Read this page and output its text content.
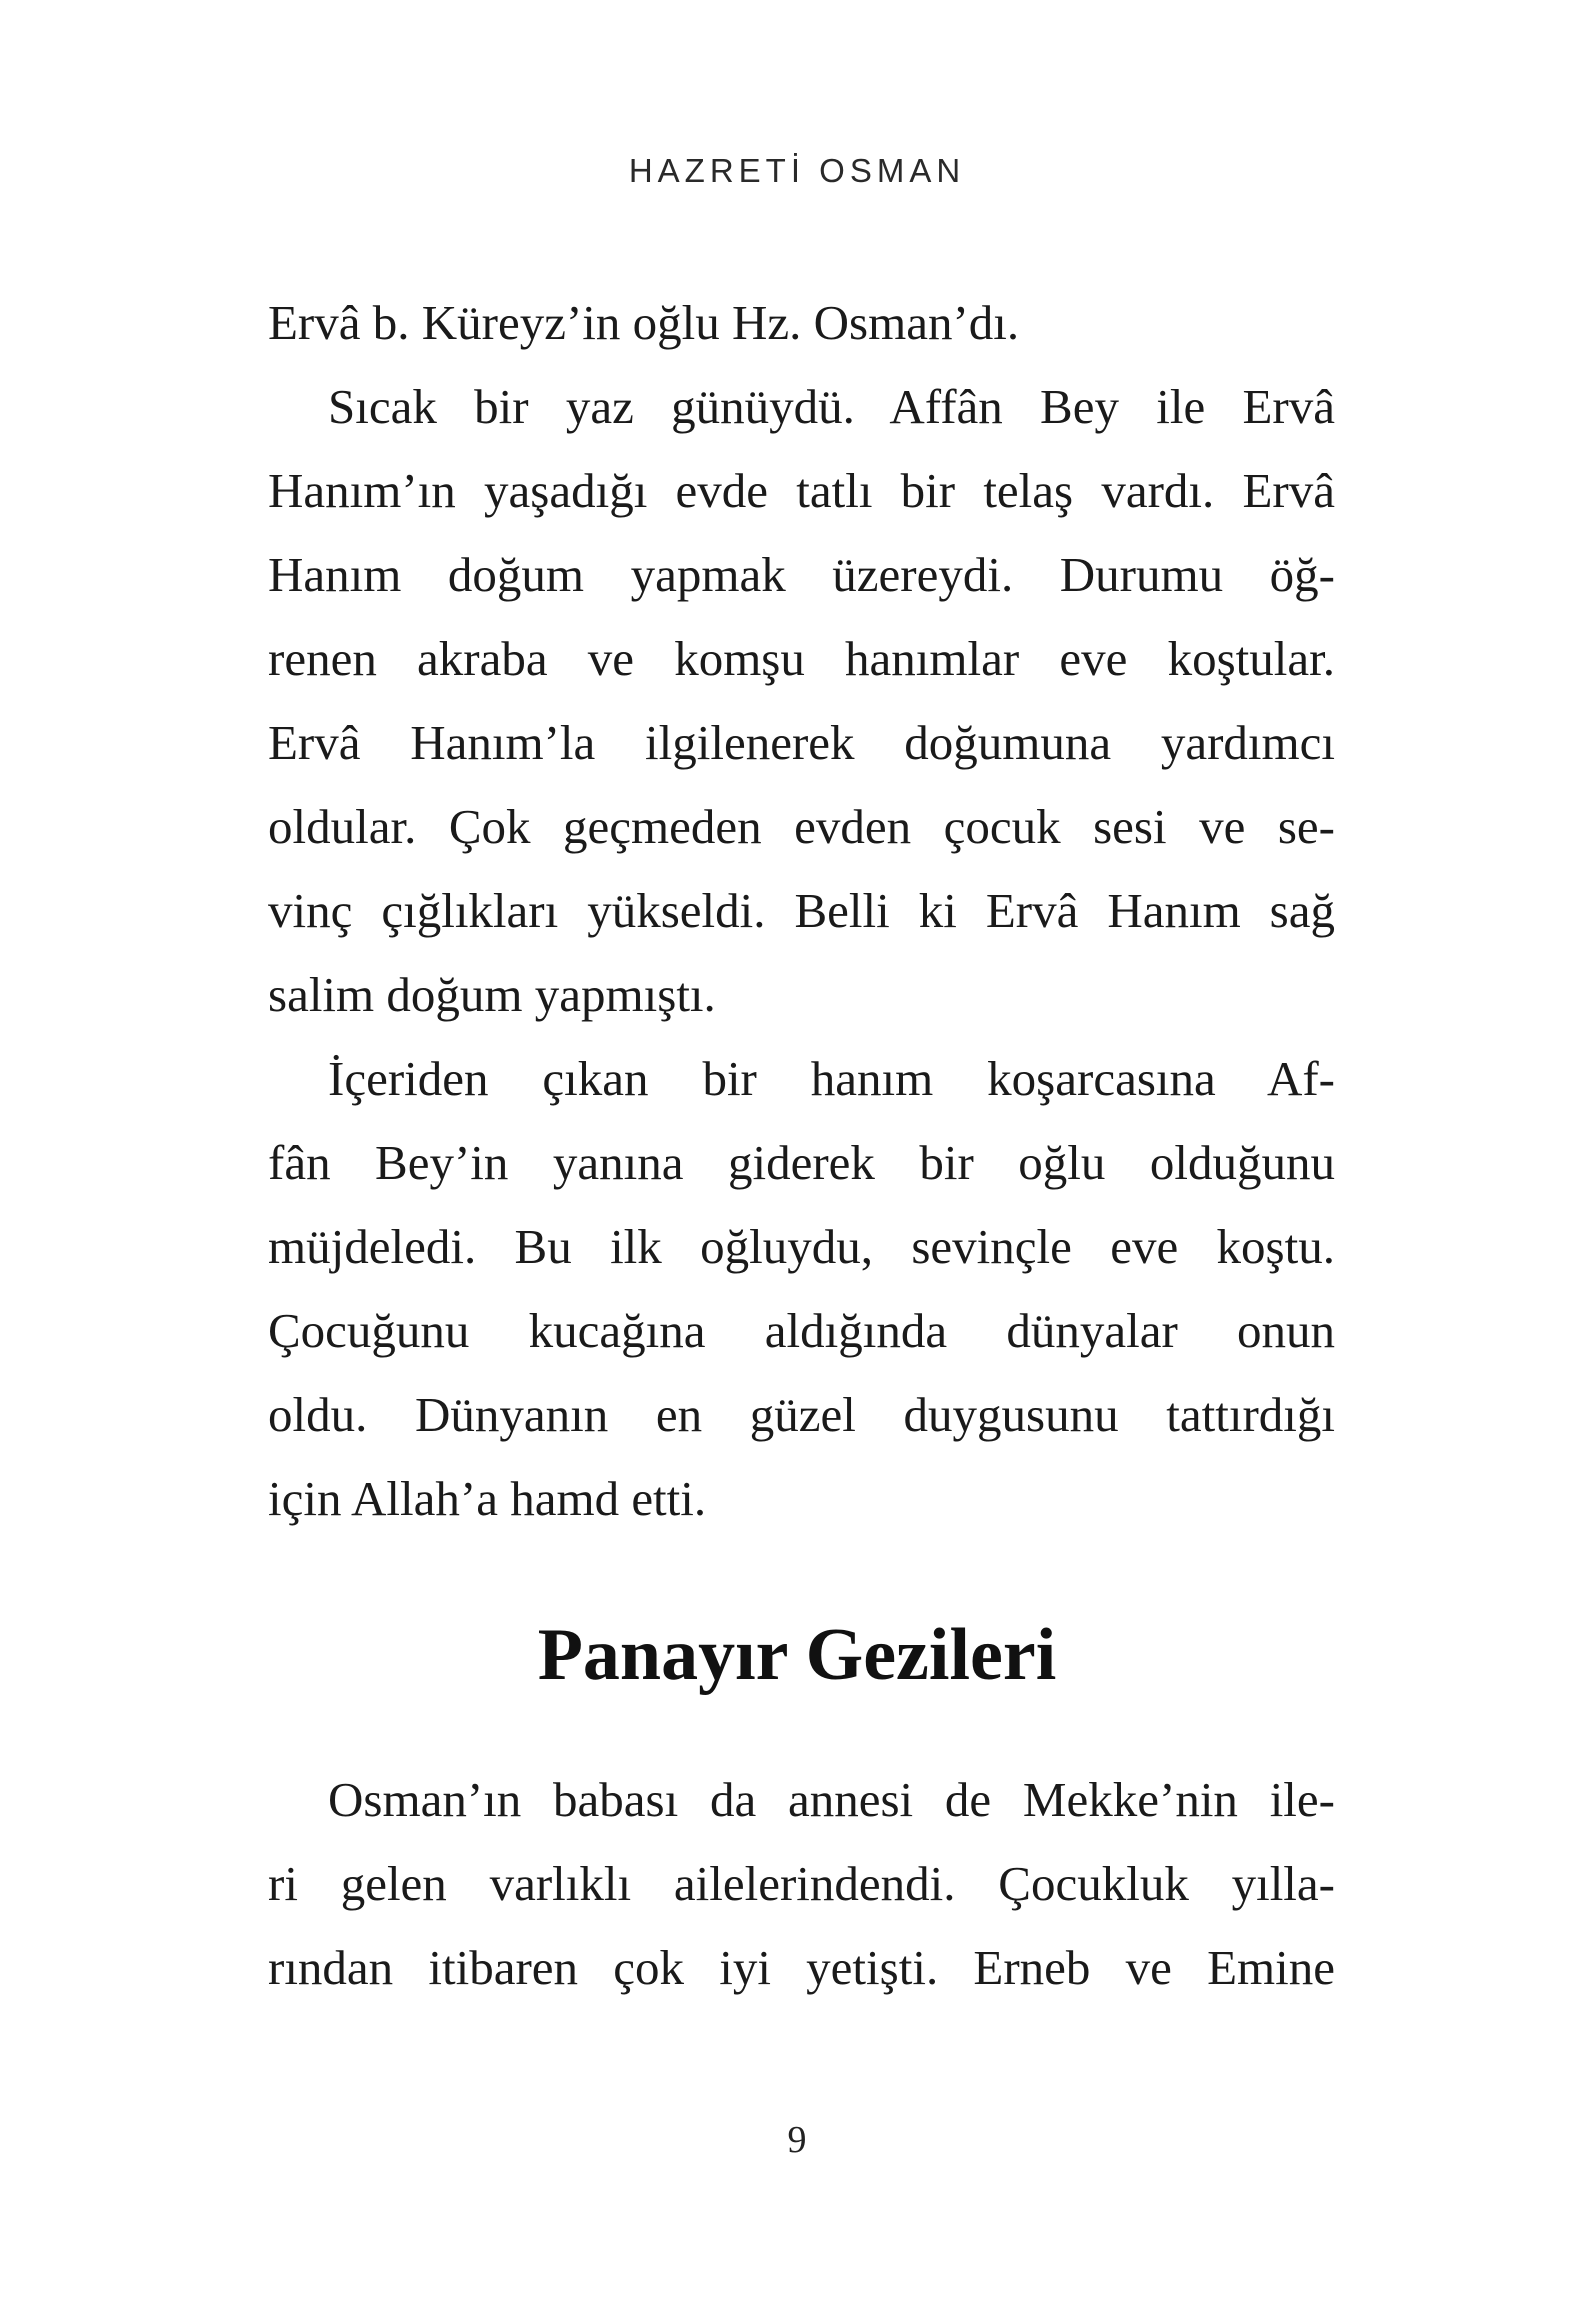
HAZRETİ OSMAN
Ervâ b. Küreyz’in oğlu Hz. Osman’dı.
Sıcak bir yaz günüydü. Affân Bey ile Ervâ
Hanım’ın yaşadığı evde tatlı bir telaş vardı. Ervâ
Hanım doğum yapmak üzereydi. Durumu öğ-
renen akraba ve komşu hanımlar eve koştular.
Ervâ Hanım’la ilgilenerek doğumuna yardımcı
oldular. Çok geçmeden evden çocuk sesi ve se-
vinç çığlıkları yükseldi. Belli ki Ervâ Hanım sağ
salim doğum yapmıştı.
İçeriden çıkan bir hanım koşarcasına Af-
fân Bey’in yanına giderek bir oğlu olduğunu
müjdeledi. Bu ilk oğluydu, sevinçle eve koştu.
Çocuğunu kucağına aldığında dünyalar onun
oldu. Dünyanın en güzel duygusunu tattırdığı
için Allah’a hamd etti.
Panayır Gezileri
Osman’ın babası da annesi de Mekke’nin ile-
ri gelen varlıklı ailelerindendi. Çocukluk yılla-
rından itibaren çok iyi yetişti. Erneb ve Emine
9
